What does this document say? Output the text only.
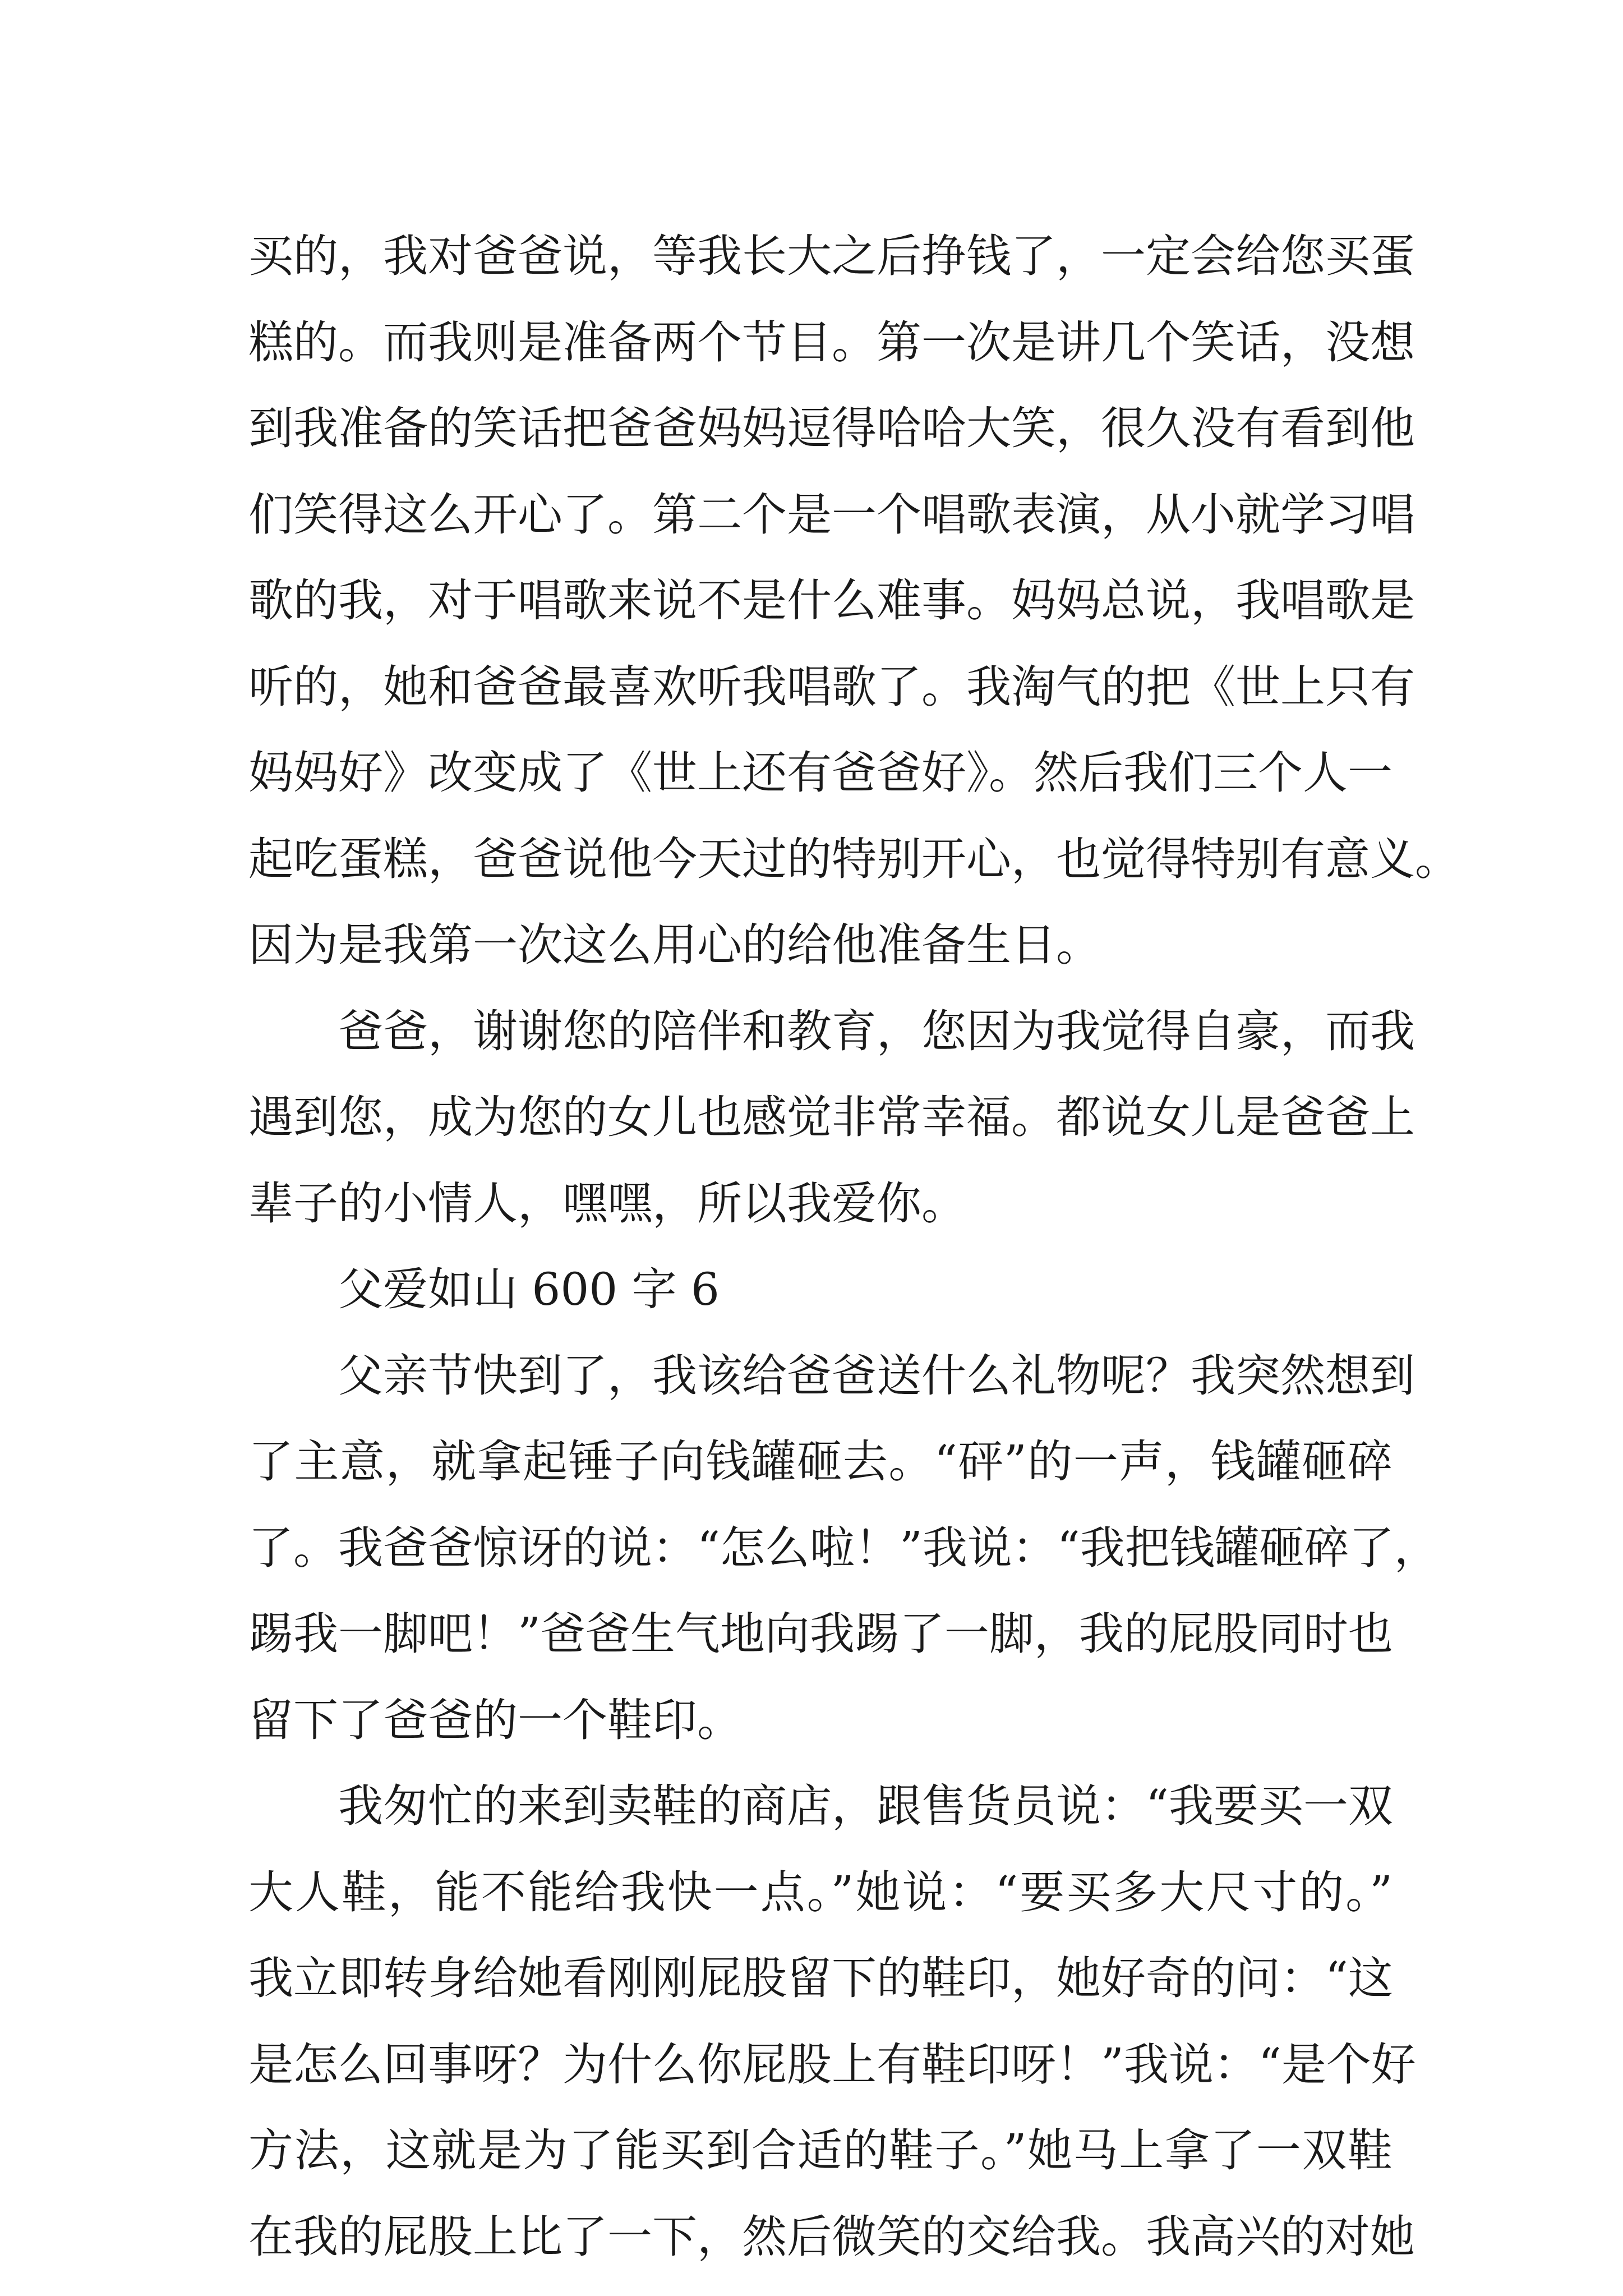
买的，我对爸爸说，等我长大之后挣钱了，一定会给您买蛋
糕的。而我则是准备两个节目。第一次是讲几个笑话，没想
到我准备的笑话把爸爸妈妈逗得哈哈大笑，很久没有看到他
们笑得这么开心了。第二个是一个唱歌表演，从小就学习唱
歌的我，对于唱歌来说不是什么难事。妈妈总说，我唱歌是
听的，她和爸爸最喜欢听我唱歌了。我淘气的把《世上只有
妈妈好》改变成了《世上还有爸爸好》。然后我们三个人一
起吃蛋糕，爸爸说他今天过的特别开心，也觉得特别有意义。
因为是我第一次这么用心的给他准备生日。
爸爸，谢谢您的陪伴和教育，您因为我觉得自豪，而我
遇到您，成为您的女儿也感觉非常幸福。都说女儿是爸爸上
辈子的小情人，嘿嘿，所以我爱你。
父爱如山 600 字 6
父亲节快到了，我该给爸爸送什么礼物呢？我突然想到
了主意，就拿起锤子向钱罐砸去。“砰”的一声，钱罐砸碎
了。我爸爸惊讶的说：“怎么啦！”我说：“我把钱罐砸碎了，
踢我一脚吧！”爸爸生气地向我踢了一脚，我的屁股同时也
留下了爸爸的一个鞋印。
我匆忙的来到卖鞋的商店，跟售货员说：“我要买一双
大人鞋，能不能给我快一点。”她说：“要买多大尺寸的。”
我立即转身给她看刚刚屁股留下的鞋印，她好奇的问：“这
是怎么回事呀？为什么你屁股上有鞋印呀！”我说：“是个好
方法，这就是为了能买到合适的鞋子。”她马上拿了一双鞋
在我的屁股上比了一下，然后微笑的交给我。我高兴的对她
